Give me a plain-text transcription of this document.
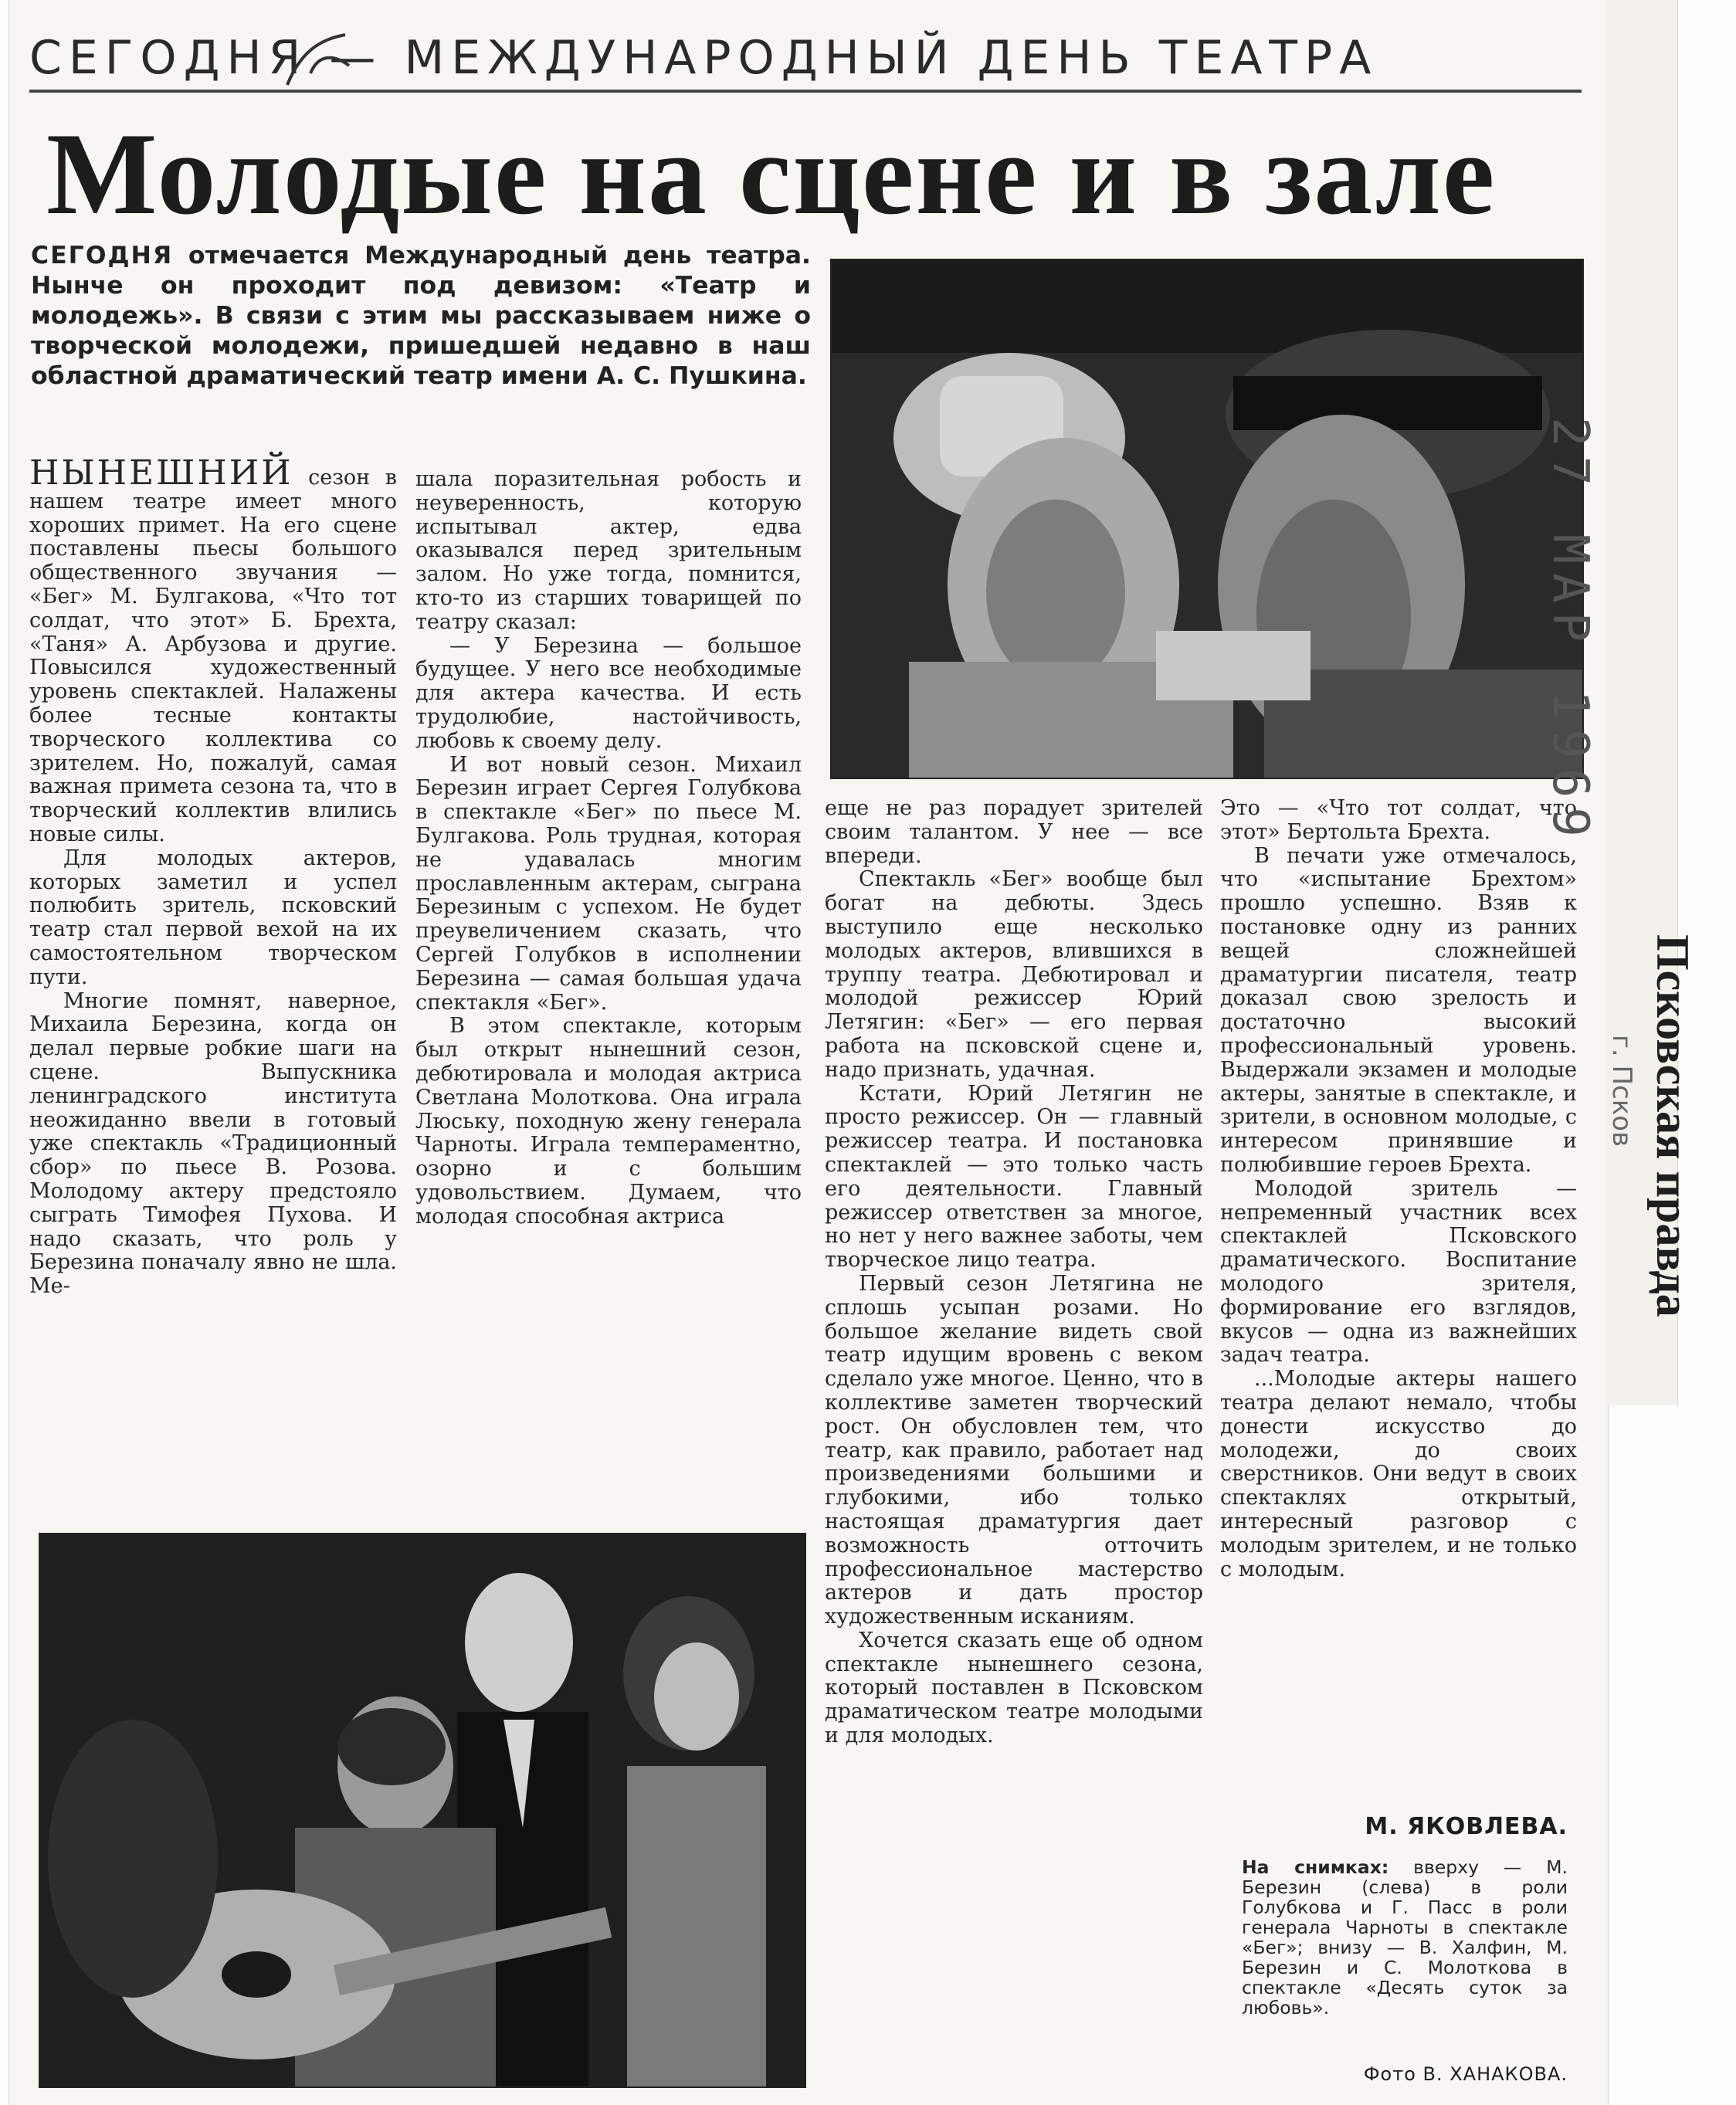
СЕГОДНЯ — МЕЖДУНАРОДНЫЙ ДЕНЬ ТЕАТРА
Молодые на сцене и в зале
СЕГОДНЯ отмечается Международный день театра. Нынче он проходит под девизом: «Театр и молодежь». В связи с этим мы рассказываем ниже о творческой молодежи, пришедшей недавно в наш областной драматический театр имени А. С. Пушкина.

НЫНЕШНИЙ сезон в нашем театре имеет много хороших примет. На его сцене поставлены пьесы большого общественного звучания — «Бег» М. Булгакова, «Что тот солдат, что этот» Б. Брехта, «Таня» А. Арбузова и другие. Повысился художественный уровень спектаклей. Налажены более тесные контакты творческого коллектива со зрителем. Но, пожалуй, самая важная примета сезона та, что в творческий коллектив влились новые силы.

Для молодых актеров, которых заметил и успел полюбить зритель, псковский театр стал первой вехой на их самостоятельном творческом пути.

Многие помнят, наверное, Михаила Березина, когда он делал первые робкие шаги на сцене. Выпускника ленинградского института неожиданно ввели в готовый уже спектакль «Традиционный сбор» по пьесе В. Розова. Молодому актеру предстояло сыграть Тимофея Пухова. И надо сказать, что роль у Березина поначалу явно не шла. Ме-

шала поразительная робость и неуверенность, которую испытывал актер, едва оказывался перед зрительным залом. Но уже тогда, помнится, кто-то из старших товарищей по театру сказал:

— У Березина — большое будущее. У него все необходимые для актера качества. И есть трудолюбие, настойчивость, любовь к своему делу.

И вот новый сезон. Михаил Березин играет Сергея Голубкова в спектакле «Бег» по пьесе М. Булгакова. Роль трудная, которая не удавалась многим прославленным актерам, сыграна Березиным с успехом. Не будет преувеличением сказать, что Сергей Голубков в исполнении Березина — самая большая удача спектакля «Бег».

В этом спектакле, которым был открыт нынешний сезон, дебютировала и молодая актриса Светлана Молоткова. Она играла Люську, походную жену генерала Чарноты. Играла темпераментно, озорно и с большим удовольствием. Думаем, что молодая способная актриса

еще не раз порадует зрителей своим талантом. У нее — все впереди.

Спектакль «Бег» вообще был богат на дебюты. Здесь выступило еще несколько молодых актеров, влившихся в труппу театра. Дебютировал и молодой режиссер Юрий Летягин: «Бег» — его первая работа на псковской сцене и, надо признать, удачная.

Кстати, Юрий Летягин не просто режиссер. Он — главный режиссер театра. И постановка спектаклей — это только часть его деятельности. Главный режиссер ответствен за многое, но нет у него важнее заботы, чем творческое лицо театра.

Первый сезон Летягина не сплошь усыпан розами. Но большое желание видеть свой театр идущим вровень с веком сделало уже многое. Ценно, что в коллективе заметен творческий рост. Он обусловлен тем, что театр, как правило, работает над произведениями большими и глубокими, ибо только настоящая драматургия дает возможность отточить профессиональное мастерство актеров и дать простор художественным исканиям.

Хочется сказать еще об одном спектакле нынешнего сезона, который поставлен в Псковском драматическом театре молодыми и для молодых.

Это — «Что тот солдат, что этот» Бертольта Брехта.

В печати уже отмечалось, что «испытание Брехтом» прошло успешно. Взяв к постановке одну из ранних вещей сложнейшей драматургии писателя, театр доказал свою зрелость и достаточно высокий профессиональный уровень. Выдержали экзамен и молодые актеры, занятые в спектакле, и зрители, в основном молодые, с интересом принявшие и полюбившие героев Брехта.

Молодой зритель — непременный участник всех спектаклей Псковского драматического. Воспитание молодого зрителя, формирование его взглядов, вкусов — одна из важнейших задач театра.

...Молодые актеры нашего театра делают немало, чтобы донести искусство до молодежи, до своих сверстников. Они ведут в своих спектаклях открытый, интересный разговор с молодым зрителем, и не только с молодым.

М. ЯКОВЛЕВА.
На снимках: вверху — М. Березин (слева) в роли Голубкова и Г. Пасс в роли генерала Чарноты в спектакле «Бег»; внизу — В. Халфин, М. Березин и С. Молоткова в спектакле «Десять суток за любовь».
Фото В. ХАНАКОВА.
27 МАР 1969
Псковская правда
г. Псков
